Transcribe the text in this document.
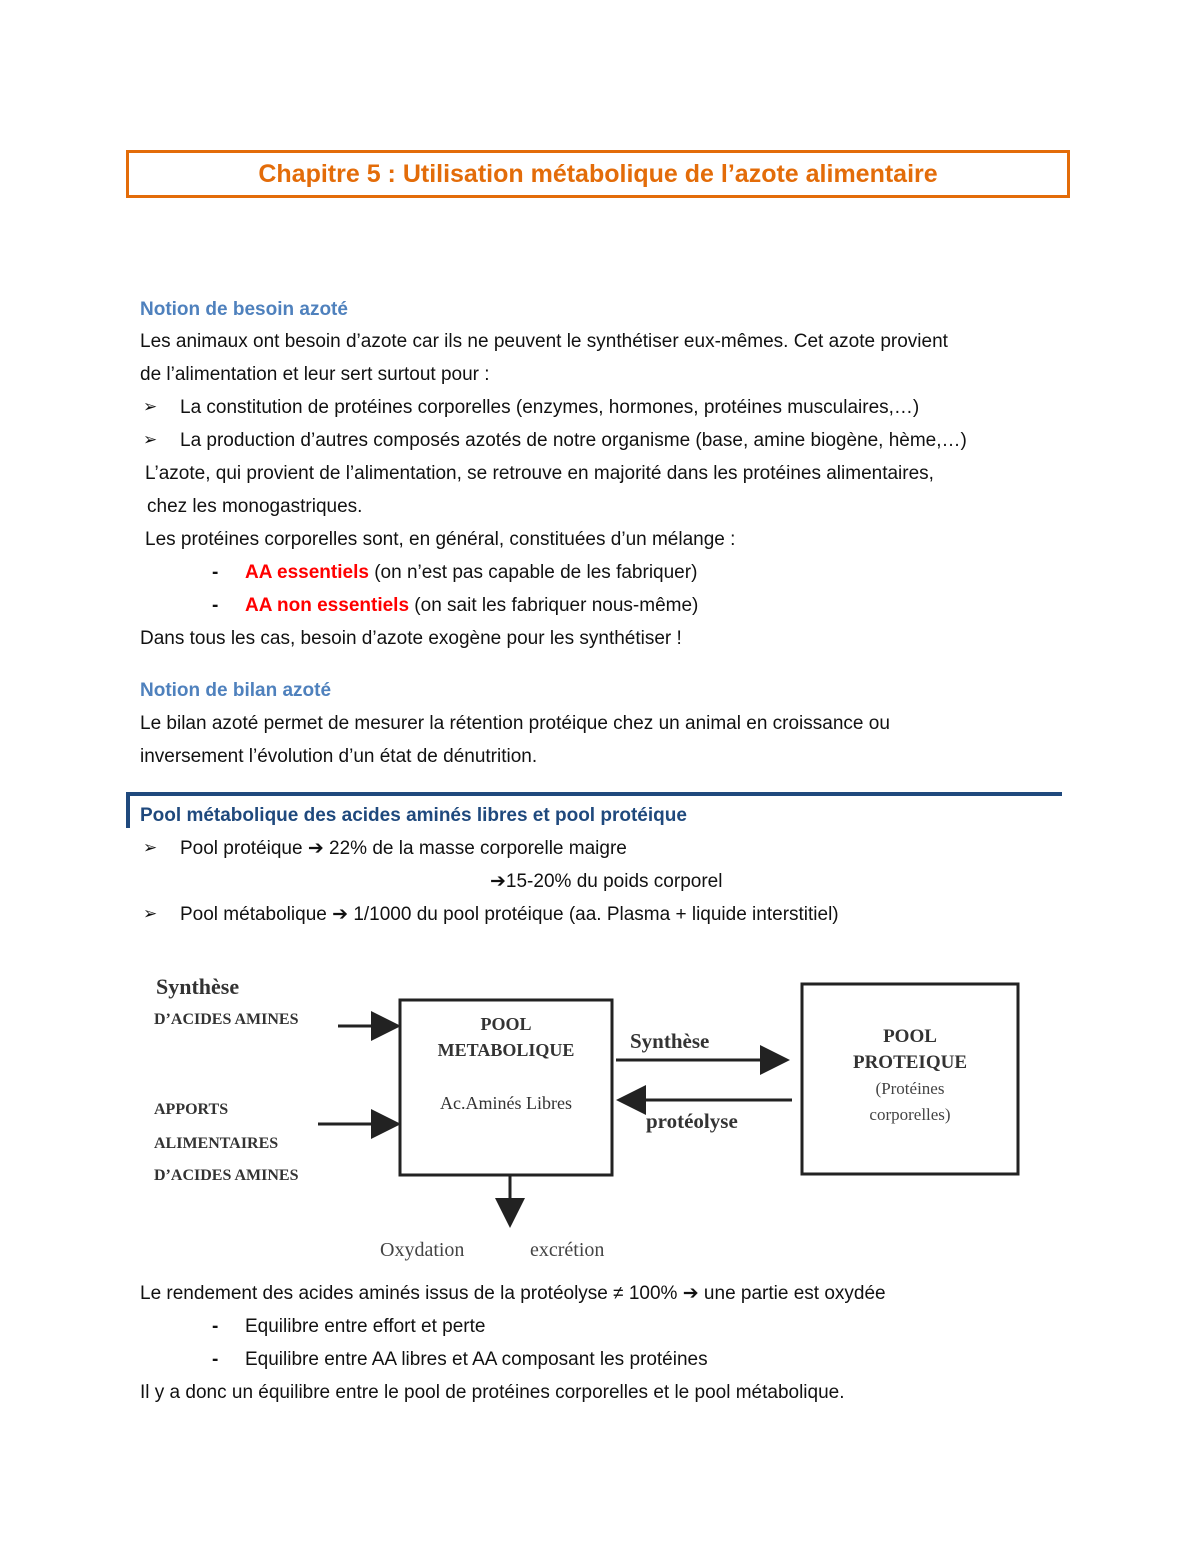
Chapitre 5 : Utilisation métabolique de l’azote alimentaire
Notion de besoin azoté
Les animaux ont besoin d’azote car ils ne peuvent le synthétiser eux-mêmes. Cet azote provient
de l’alimentation et leur sert surtout pour :
➢ La constitution de protéines corporelles (enzymes, hormones, protéines musculaires,…)
➢ La production d’autres composés azotés de notre organisme (base, amine biogène, hème,…)
L’azote, qui provient de l’alimentation, se retrouve en majorité dans les protéines alimentaires,
chez les monogastriques.
Les protéines corporelles sont, en général, constituées d’un mélange :
- AA essentiels (on n’est pas capable de les fabriquer)
- AA non essentiels (on sait les fabriquer nous-même)
Dans tous les cas, besoin d’azote exogène pour les synthétiser !
Notion de bilan azoté
Le bilan azoté permet de mesurer la rétention protéique chez un animal en croissance ou
inversement l’évolution d’un état de dénutrition.
Pool métabolique des acides aminés libres et pool protéique
➢ Pool protéique ➔ 22% de la masse corporelle maigre
➔15-20% du poids corporel
➢ Pool métabolique ➔ 1/1000 du pool protéique (aa. Plasma + liquide interstitiel)
Synthèse
D’ACIDES AMINES
APPORTS
ALIMENTAIRES
D’ACIDES AMINES
POOL
METABOLIQUE
Ac.Aminés Libres
Synthèse
protéolyse
POOL
PROTEIQUE
(Protéines
corporelles)
Oxydation	excrétion
Le rendement des acides aminés issus de la protéolyse ≠ 100% ➔ une partie est oxydée
- Equilibre entre effort et perte
- Equilibre entre AA libres et AA composant les protéines
Il y a donc un équilibre entre le pool de protéines corporelles et le pool métabolique.
